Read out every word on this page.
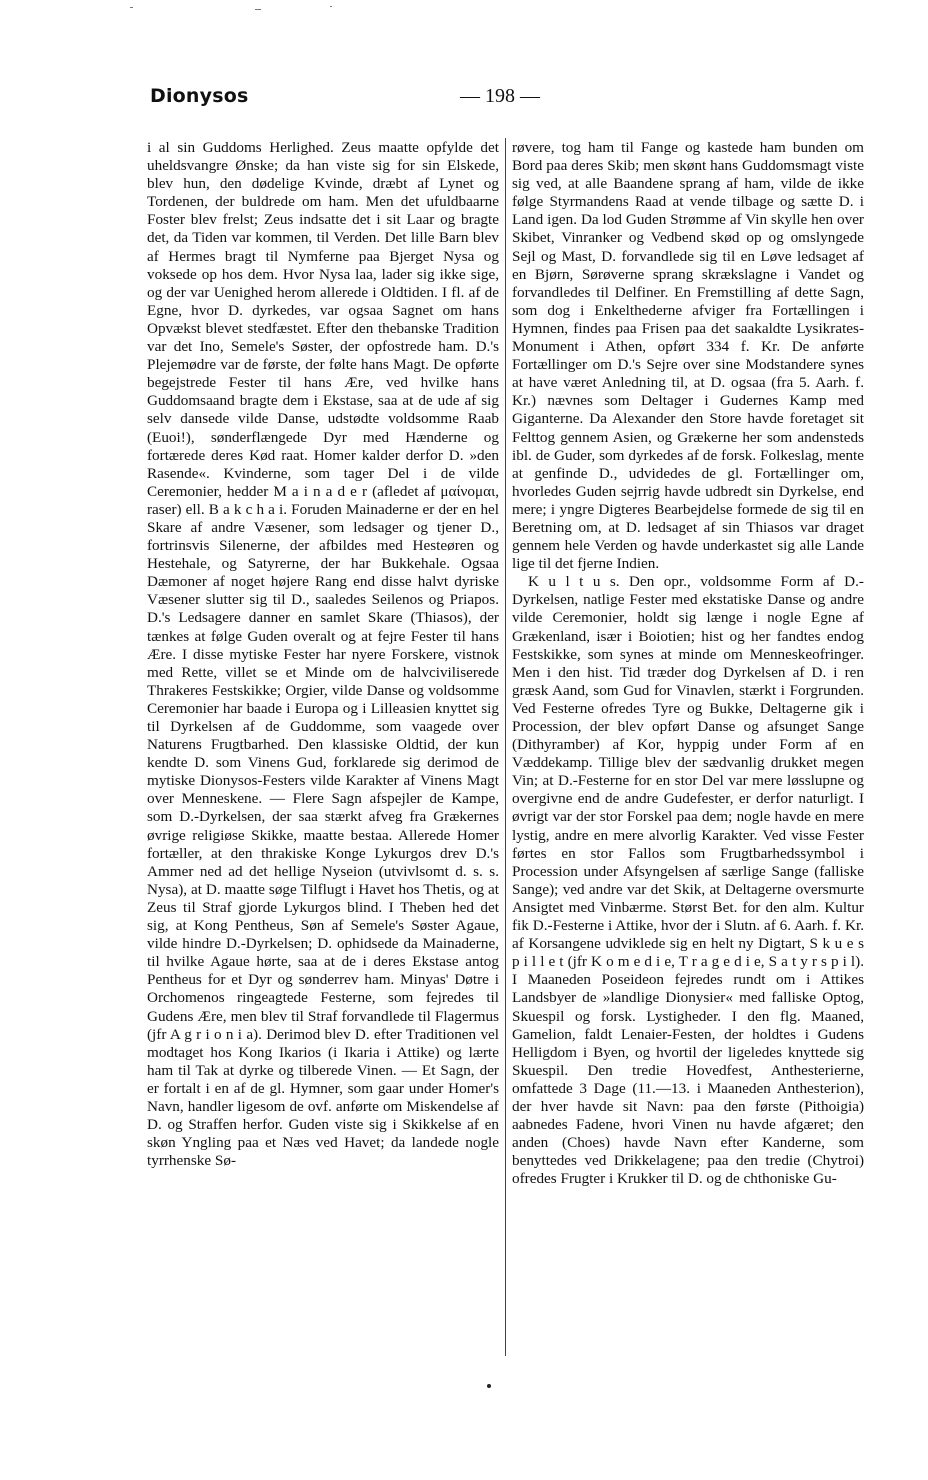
Dionysos	— 198 —

i al sin Guddoms Herlighed. Zeus maatte opfylde det uheldsvangre Ønske; da han viste sig for sin Elskede, blev hun, den dødelige Kvinde, dræbt af Lynet og Tordenen, der buldrede om ham. Men det ufuldbaarne Foster blev frelst; Zeus indsatte det i sit Laar og bragte det, da Tiden var kommen, til Verden. Det lille Barn blev af Hermes bragt til Nymferne paa Bjerget Nysa og voksede op hos dem. Hvor Nysa laa, lader sig ikke sige, og der var Uenighed herom allerede i Oldtiden. I fl. af de Egne, hvor D. dyrkedes, var ogsaa Sagnet om hans Opvækst blevet stedfæstet. Efter den thebanske Tradition var det Ino, Semele's Søster, der opfostrede ham. D.'s Plejemødre var de første, der følte hans Magt. De opførte begejstrede Fester til hans Ære, ved hvilke hans Guddomsaand bragte dem i Ekstase, saa at de ude af sig selv dansede vilde Danse, udstødte voldsomme Raab (Euoi!), sønderflængede Dyr med Hænderne og fortærede deres Kød raat. Homer kalder derfor D. »den Rasende«. Kvinderne, som tager Del i de vilde Ceremonier, hedder M a i n a d e r (afledet af μαίνομαι, raser) ell. B a k c h a i. Foruden Mainaderne er der en hel Skare af andre Væsener, som ledsager og tjener D., fortrinsvis Silenerne, der afbildes med Hesteøren og Hestehale, og Satyrerne, der har Bukkehale. Ogsaa Dæmoner af noget højere Rang end disse halvt dyriske Væsener slutter sig til D., saaledes Seilenos og Priapos. D.'s Ledsagere danner en samlet Skare (Thiasos), der tænkes at følge Guden overalt og at fejre Fester til hans Ære. I disse mytiske Fester har nyere Forskere, vistnok med Rette, villet se et Minde om de halvciviliserede Thrakeres Festskikke; Orgier, vilde Danse og voldsomme Ceremonier har baade i Europa og i Lilleasien knyttet sig til Dyrkelsen af de Guddomme, som vaagede over Naturens Frugtbarhed. Den klassiske Oldtid, der kun kendte D. som Vinens Gud, forklarede sig derimod de mytiske Dionysos-Festers vilde Karakter af Vinens Magt over Menneskene. — Flere Sagn afspejler de Kampe, som D.-Dyrkelsen, der saa stærkt afveg fra Grækernes øvrige religiøse Skikke, maatte bestaa. Allerede Homer fortæller, at den thrakiske Konge Lykurgos drev D.'s Ammer ned ad det hellige Nyseion (utvivlsomt d. s. s. Nysa), at D. maatte søge Tilflugt i Havet hos Thetis, og at Zeus til Straf gjorde Lykurgos blind. I Theben hed det sig, at Kong Pentheus, Søn af Semele's Søster Agaue, vilde hindre D.-Dyrkelsen; D. ophidsede da Mainaderne, til hvilke Agaue hørte, saa at de i deres Ekstase antog Pentheus for et Dyr og sønderrev ham. Minyas' Døtre i Orchomenos ringeagtede Festerne, som fejredes til Gudens Ære, men blev til Straf forvandlede til Flagermus (jfr A g r i o n i a). Derimod blev D. efter Traditionen vel modtaget hos Kong Ikarios (i Ikaria i Attike) og lærte ham til Tak at dyrke og tilberede Vinen. — Et Sagn, der er fortalt i en af de gl. Hymner, som gaar under Homer's Navn, handler ligesom de ovf. anførte om Miskendelse af D. og Straffen herfor. Guden viste sig i Skikkelse af en skøn Yngling paa et Næs ved Havet; da landede nogle tyrrhenske Sø-

røvere, tog ham til Fange og kastede ham bunden om Bord paa deres Skib; men skønt hans Guddomsmagt viste sig ved, at alle Baandene sprang af ham, vilde de ikke følge Styrmandens Raad at vende tilbage og sætte D. i Land igen. Da lod Guden Strømme af Vin skylle hen over Skibet, Vinranker og Vedbend skød op og omslyngede Sejl og Mast, D. forvandlede sig til en Løve ledsaget af en Bjørn, Sørøverne sprang skrækslagne i Vandet og forvandledes til Delfiner. En Fremstilling af dette Sagn, som dog i Enkelthederne afviger fra Fortællingen i Hymnen, findes paa Frisen paa det saakaldte Lysikrates-Monument i Athen, opført 334 f. Kr. De anførte Fortællinger om D.'s Sejre over sine Modstandere synes at have været Anledning til, at D. ogsaa (fra 5. Aarh. f. Kr.) nævnes som Deltager i Gudernes Kamp med Giganterne. Da Alexander den Store havde foretaget sit Felttog gennem Asien, og Grækerne her som andensteds ibl. de Guder, som dyrkedes af de forsk. Folkeslag, mente at genfinde D., udvidedes de gl. Fortællinger om, hvorledes Guden sejrrig havde udbredt sin Dyrkelse, end mere; i yngre Digteres Bearbejdelse formede de sig til en Beretning om, at D. ledsaget af sin Thiasos var draget gennem hele Verden og havde underkastet sig alle Lande lige til det fjerne Indien.

K u l t u s. Den opr., voldsomme Form af D.-Dyrkelsen, natlige Fester med ekstatiske Danse og andre vilde Ceremonier, holdt sig længe i nogle Egne af Grækenland, især i Boiotien; hist og her fandtes endog Festskikke, som synes at minde om Menneskeofringer. Men i den hist. Tid træder dog Dyrkelsen af D. i ren græsk Aand, som Gud for Vinavlen, stærkt i Forgrunden. Ved Festerne ofredes Tyre og Bukke, Deltagerne gik i Procession, der blev opført Danse og afsunget Sange (Dithyramber) af Kor, hyppig under Form af en Væddekamp. Tillige blev der sædvanlig drukket megen Vin; at D.-Festerne for en stor Del var mere løsslupne og overgivne end de andre Gudefester, er derfor naturligt. I øvrigt var der stor Forskel paa dem; nogle havde en mere lystig, andre en mere alvorlig Karakter. Ved visse Fester førtes en stor Fallos som Frugtbarhedssymbol i Procession under Afsyngelsen af særlige Sange (falliske Sange); ved andre var det Skik, at Deltagerne oversmurte Ansigtet med Vinbærme. Størst Bet. for den alm. Kultur fik D.-Festerne i Attike, hvor der i Slutn. af 6. Aarh. f. Kr. af Korsangene udviklede sig en helt ny Digtart, S k u e s p i l l e t (jfr K o m e d i e, T r a g e d i e, S a t y r s p i l). I Maaneden Poseideon fejredes rundt om i Attikes Landsbyer de »landlige Dionysier« med falliske Optog, Skuespil og forsk. Lystigheder. I den flg. Maaned, Gamelion, faldt Lenaier-Festen, der holdtes i Gudens Helligdom i Byen, og hvortil der ligeledes knyttede sig Skuespil. Den tredie Hovedfest, Anthesterierne, omfattede 3 Dage (11.—13. i Maaneden Anthesterion), der hver havde sit Navn: paa den første (Pithoigia) aabnedes Fadene, hvori Vinen nu havde afgæret; den anden (Choes) havde Navn efter Kanderne, som benyttedes ved Drikkelagene; paa den tredie (Chytroi) ofredes Frugter i Krukker til D. og de chthoniske Gu-
